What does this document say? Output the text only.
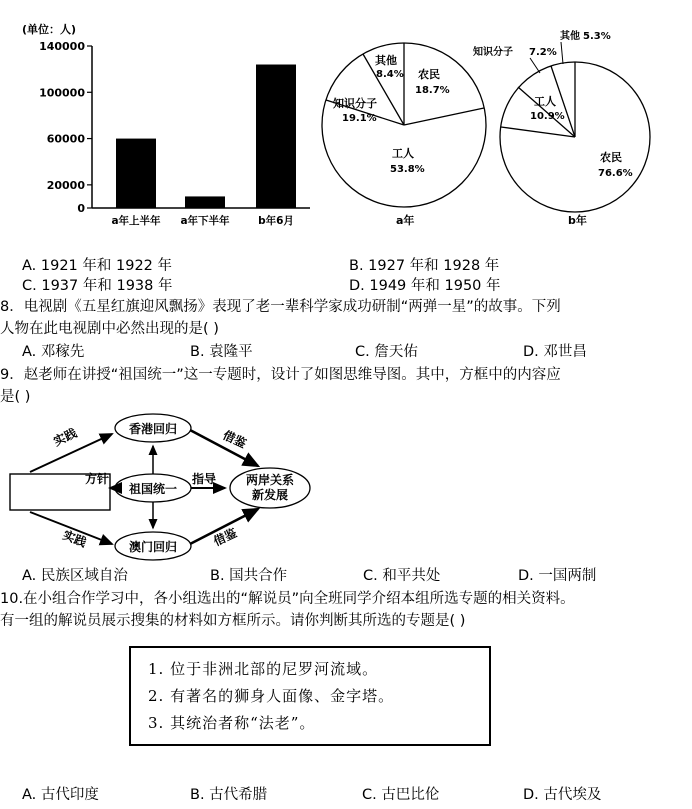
(单位：人)
140000
100000
60000
20000
0
a年上半年 a年下半年	b年6月
农民
18.7%
工人
53.8%
知识分子
19.1%
其他
8.4%
a年
其他 5.3%
知识分子 7.2%
工人
10.9%
农民
76.6%
b年
A. 1921 年和 1922 年	B. 1927 年和 1928 年
C. 1937 年和 1938 年	D. 1949 年和 1950 年
8．电视剧《五星红旗迎风飘扬》表现了老一辈科学家成功研制“两弹一星”的故事。下列
人物在此电视剧中必然出现的是( )
A. 邓稼先	B. 袁隆平	C. 詹天佑	D. 邓世昌
9．赵老师在讲授“祖国统一”这一专题时，设计了如图思维导图。其中，方框中的内容应
是( )
香港回归
祖国统一
澳门回归
两岸关系
新发展
实践
实践
方针	指导
借鉴
借鉴
A. 民族区域自治	B. 国共合作	C. 和平共处	D. 一国两制
10.在小组合作学习中，各小组选出的“解说员”向全班同学介绍本组所选专题的相关资料。
有一组的解说员展示搜集的材料如方框所示。请你判断其所选的专题是( )
1. 位于非洲北部的尼罗河流域。
2. 有著名的狮身人面像、金字塔。
3. 其统治者称“法老”。
A. 古代印度	B. 古代希腊	C. 古巴比伦	D. 古代埃及
